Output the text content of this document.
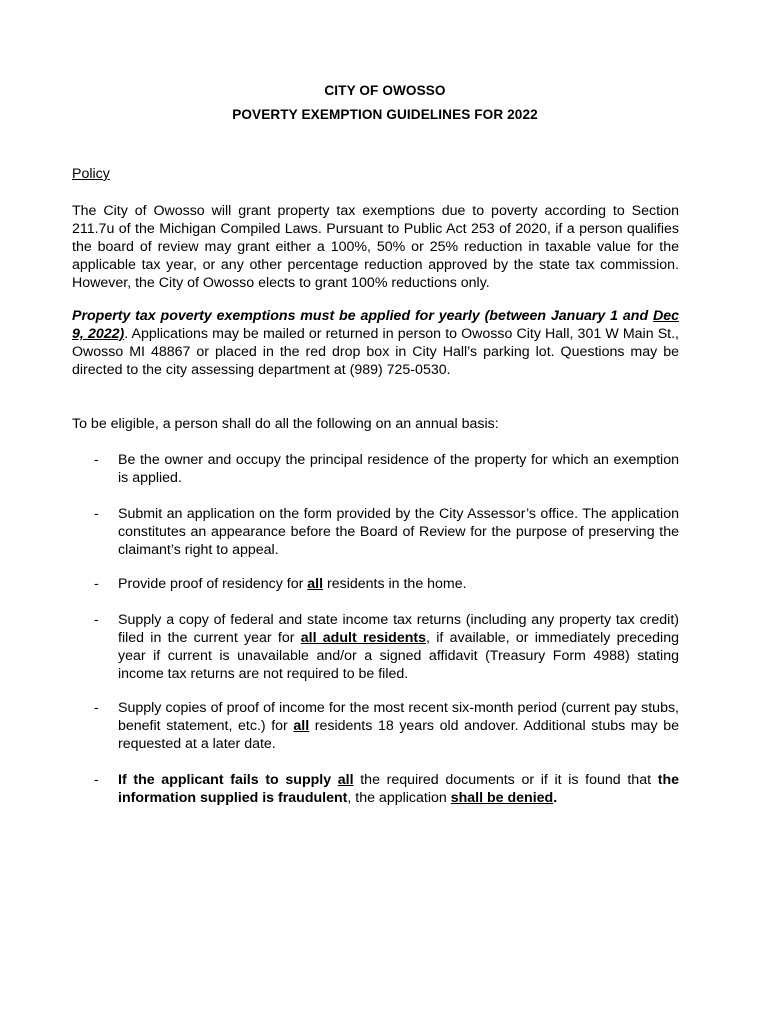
CITY OF OWOSSO
POVERTY EXEMPTION GUIDELINES FOR 2022
Policy
The City of Owosso will grant property tax exemptions due to poverty according to Section 211.7u of the Michigan Compiled Laws. Pursuant to Public Act 253 of 2020, if a person qualifies the board of review may grant either a 100%, 50% or 25% reduction in taxable value for the applicable tax year, or any other percentage reduction approved by the state tax commission. However, the City of Owosso elects to grant 100% reductions only.
Property tax poverty exemptions must be applied for yearly (between January 1 and Dec 9, 2022). Applications may be mailed or returned in person to Owosso City Hall, 301 W Main St., Owosso MI 48867 or placed in the red drop box in City Hall’s parking lot. Questions may be directed to the city assessing department at (989) 725-0530.
To be eligible, a person shall do all the following on an annual basis:
- Be the owner and occupy the principal residence of the property for which an exemption is applied.
- Submit an application on the form provided by the City Assessor’s office. The application constitutes an appearance before the Board of Review for the purpose of preserving the claimant’s right to appeal.
- Provide proof of residency for all residents in the home.
- Supply a copy of federal and state income tax returns (including any property tax credit) filed in the current year for all adult residents, if available, or immediately preceding year if current is unavailable and/or a signed affidavit (Treasury Form 4988) stating income tax returns are not required to be filed.
- Supply copies of proof of income for the most recent six-month period (current pay stubs, benefit statement, etc.) for all residents 18 years old andover. Additional stubs may be requested at a later date.
- If the applicant fails to supply all the required documents or if it is found that the information supplied is fraudulent, the application shall be denied.
